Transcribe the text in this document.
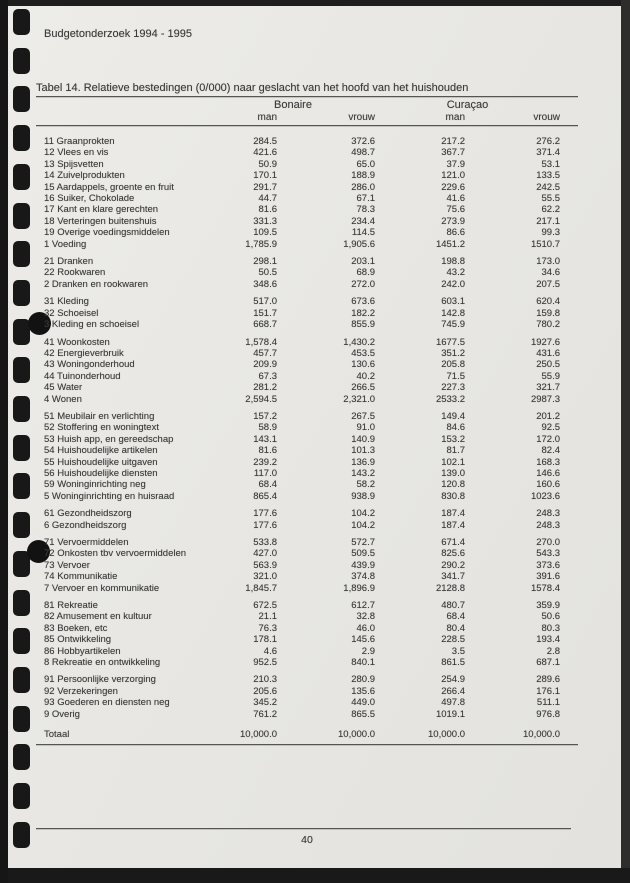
Budgetonderzoek 1994 - 1995
Tabel 14. Relatieve bestedingen (0/000) naar geslacht van het hoofd van het huishouden
Bonaire	Curaçao
man	vrouw	man	vrouw
11 Graanprokten	284.5	372.6	217.2	276.2
12 Vlees en vis	421.6	498.7	367.7	371.4
13 Spijsvetten	50.9	65.0	37.9	53.1
14 Zuivelprodukten	170.1	188.9	121.0	133.5
15 Aardappels, groente en fruit	291.7	286.0	229.6	242.5
16 Suiker, Chokolade	44.7	67.1	41.6	55.5
17 Kant en klare gerechten	81.6	78.3	75.6	62.2
18 Verteringen buitenshuis	331.3	234.4	273.9	217.1
19 Overige voedingsmiddelen	109.5	114.5	86.6	99.3
1 Voeding	1,785.9	1,905.6	1451.2	1510.7
21 Dranken	298.1	203.1	198.8	173.0
22 Rookwaren	50.5	68.9	43.2	34.6
2 Dranken en rookwaren	348.6	272.0	242.0	207.5
31 Kleding	517.0	673.6	603.1	620.4
32 Schoeisel	151.7	182.2	142.8	159.8
3 Kleding en schoeisel	668.7	855.9	745.9	780.2
41 Woonkosten	1,578.4	1,430.2	1677.5	1927.6
42 Energieverbruik	457.7	453.5	351.2	431.6
43 Woningonderhoud	209.9	130.6	205.8	250.5
44 Tuinonderhoud	67.3	40.2	71.5	55.9
45 Water	281.2	266.5	227.3	321.7
4 Wonen	2,594.5	2,321.0	2533.2	2987.3
51 Meubilair en verlichting	157.2	267.5	149.4	201.2
52 Stoffering en woningtext	58.9	91.0	84.6	92.5
53 Huish app, en gereedschap	143.1	140.9	153.2	172.0
54 Huishoudelijke artikelen	81.6	101.3	81.7	82.4
55 Huishoudelijke uitgaven	239.2	136.9	102.1	168.3
56 Huishoudelijke diensten	117.0	143.2	139.0	146.6
59 Woninginrichting neg	68.4	58.2	120.8	160.6
5 Woninginrichting en huisraad	865.4	938.9	830.8	1023.6
61 Gezondheidszorg	177.6	104.2	187.4	248.3
6 Gezondheidszorg	177.6	104.2	187.4	248.3
71 Vervoermiddelen	533.8	572.7	671.4	270.0
72 Onkosten tbv vervoermiddelen	427.0	509.5	825.6	543.3
73 Vervoer	563.9	439.9	290.2	373.6
74 Kommunikatie	321.0	374.8	341.7	391.6
7 Vervoer en kommunikatie	1,845.7	1,896.9	2128.8	1578.4
81 Rekreatie	672.5	612.7	480.7	359.9
82 Amusement en kultuur	21.1	32.8	68.4	50.6
83 Boeken, etc	76.3	46.0	80.4	80.3
85 Ontwikkeling	178.1	145.6	228.5	193.4
86 Hobbyartikelen	4.6	2.9	3.5	2.8
8 Rekreatie en ontwikkeling	952.5	840.1	861.5	687.1
91 Persoonlijke verzorging	210.3	280.9	254.9	289.6
92 Verzekeringen	205.6	135.6	266.4	176.1
93 Goederen en diensten neg	345.2	449.0	497.8	511.1
9 Overig	761.2	865.5	1019.1	976.8
Totaal	10,000.0	10,000.0	10,000.0	10,000.0
40
